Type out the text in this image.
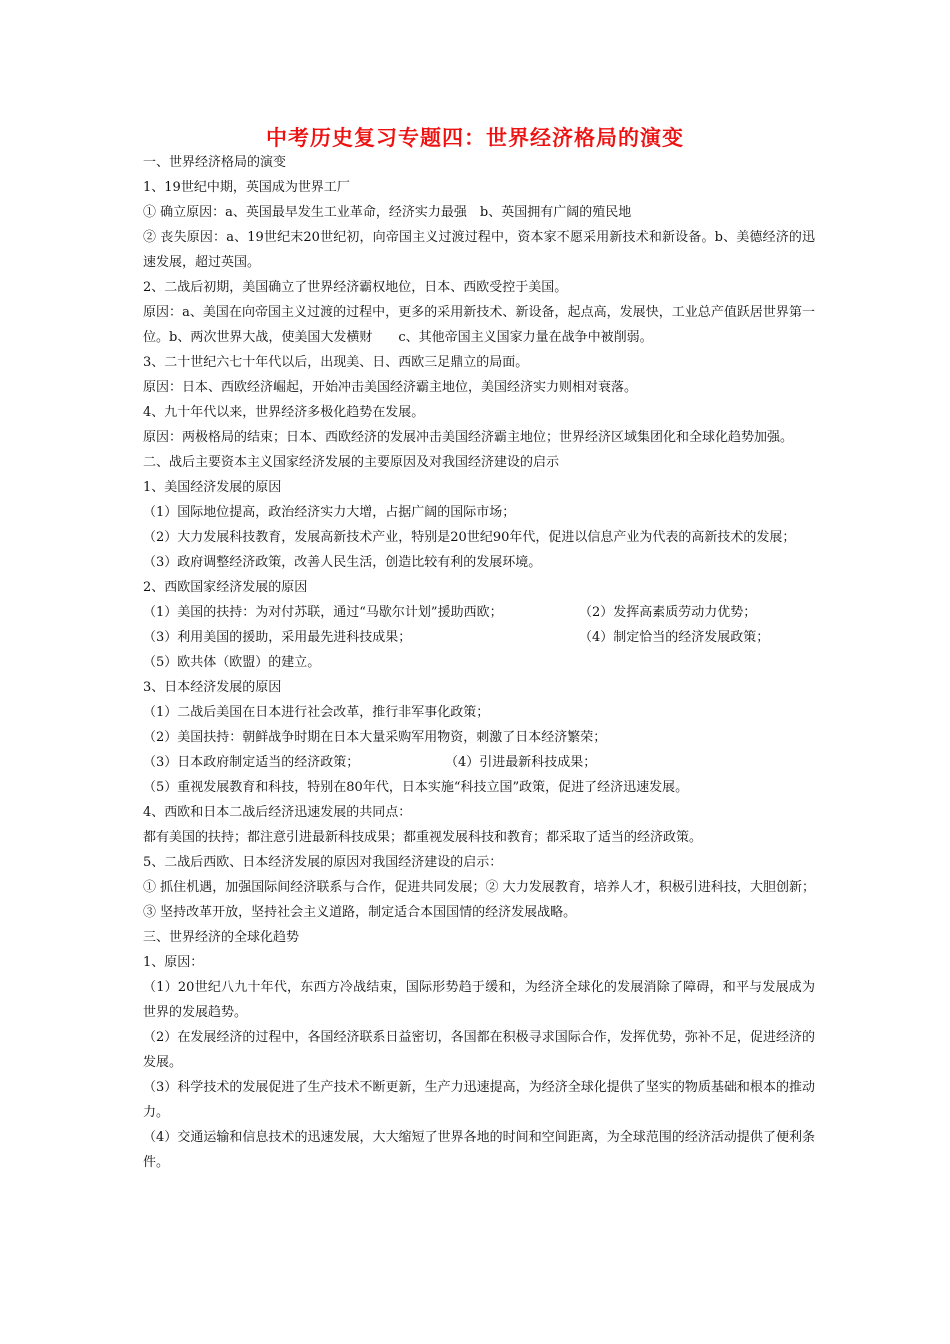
中考历史复习专题四：世界经济格局的演变

一、世界经济格局的演变

1、19世纪中期，英国成为世界工厂

① 确立原因：a、英国最早发生工业革命，经济实力最强　b、英国拥有广阔的殖民地

② 丧失原因：a、19世纪末20世纪初，向帝国主义过渡过程中，资本家不愿采用新技术和新设备。b、美德经济的迅速发展，超过英国。

2、二战后初期，美国确立了世界经济霸权地位，日本、西欧受控于美国。

原因：a、美国在向帝国主义过渡的过程中，更多的采用新技术、新设备，起点高，发展快，工业总产值跃居世界第一位。b、两次世界大战，使美国大发横财　　c、其他帝国主义国家力量在战争中被削弱。

3、二十世纪六七十年代以后，出现美、日、西欧三足鼎立的局面。

原因：日本、西欧经济崛起，开始冲击美国经济霸主地位，美国经济实力则相对衰落。

4、九十年代以来，世界经济多极化趋势在发展。

原因：两极格局的结束；日本、西欧经济的发展冲击美国经济霸主地位；世界经济区域集团化和全球化趋势加强。

二、战后主要资本主义国家经济发展的主要原因及对我国经济建设的启示

1、美国经济发展的原因

（1）国际地位提高，政治经济实力大增，占据广阔的国际市场；

（2）大力发展科技教育，发展高新技术产业，特别是20世纪90年代，促进以信息产业为代表的高新技术的发展；

（3）政府调整经济政策，改善人民生活，创造比较有利的发展环境。

2、西欧国家经济发展的原因

（1）美国的扶持：为对付苏联，通过“马歇尔计划”援助西欧；	（2）发挥高素质劳动力优势；
（3）利用美国的援助，采用最先进科技成果；	（4）制定恰当的经济发展政策；

（5）欧共体（欧盟）的建立。

3、日本经济发展的原因

（1）二战后美国在日本进行社会改革，推行非军事化政策；

（2）美国扶持：朝鲜战争时期在日本大量采购军用物资，刺激了日本经济繁荣；

（3）日本政府制定适当的经济政策；	（4）引进最新科技成果；

（5）重视发展教育和科技，特别在80年代，日本实施“科技立国”政策，促进了经济迅速发展。

4、西欧和日本二战后经济迅速发展的共同点：

都有美国的扶持；都注意引进最新科技成果；都重视发展科技和教育；都采取了适当的经济政策。

5、二战后西欧、日本经济发展的原因对我国经济建设的启示：

① 抓住机遇，加强国际间经济联系与合作，促进共同发展；② 大力发展教育，培养人才，积极引进科技，大胆创新；③ 坚持改革开放，坚持社会主义道路，制定适合本国国情的经济发展战略。

三、世界经济的全球化趋势

1、原因：

（1）20世纪八九十年代，东西方冷战结束，国际形势趋于缓和，为经济全球化的发展消除了障碍，和平与发展成为世界的发展趋势。

（2）在发展经济的过程中，各国经济联系日益密切，各国都在积极寻求国际合作，发挥优势，弥补不足，促进经济的发展。

（3）科学技术的发展促进了生产技术不断更新，生产力迅速提高，为经济全球化提供了坚实的物质基础和根本的推动力。

（4）交通运输和信息技术的迅速发展，大大缩短了世界各地的时间和空间距离，为全球范围的经济活动提供了便利条件。
